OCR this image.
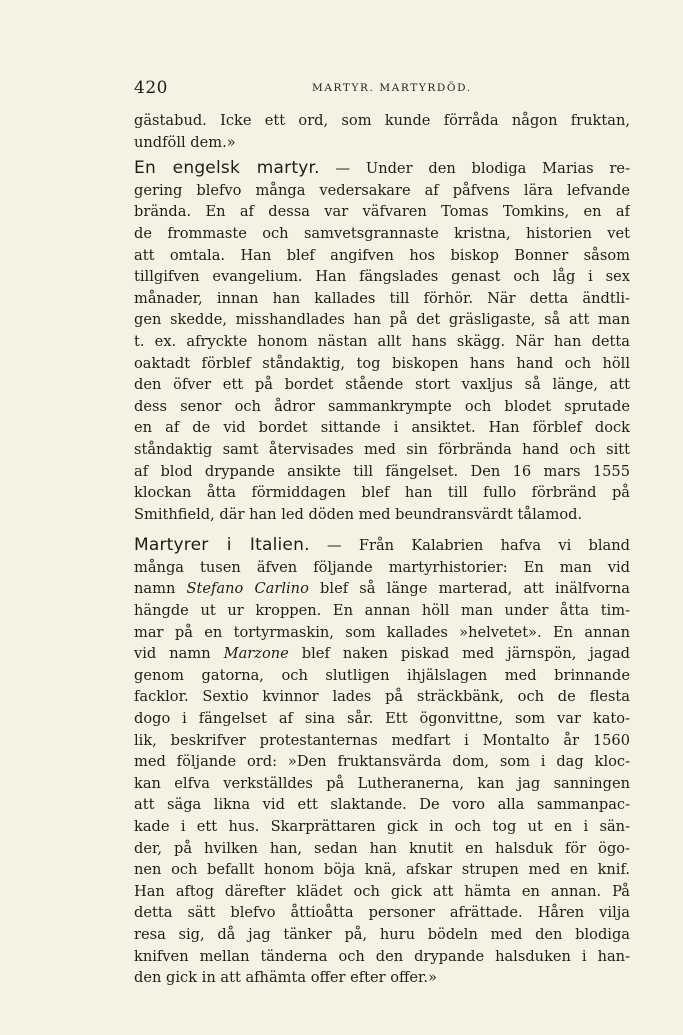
420	MARTYR. MARTYRDÖD.
gästabud. Icke ett ord, som kunde förråda någon fruktan,
undföll dem.»
En engelsk martyr. — Under den blodiga Marias re-
gering blefvo många vedersakare af påfvens lära lefvande
brända. En af dessa var väfvaren Tomas Tomkins, en af
de frommaste och samvetsgrannaste kristna, historien vet
att omtala. Han blef angifven hos biskop Bonner såsom
tillgifven evangelium. Han fängslades genast och låg i sex
månader, innan han kallades till förhör. När detta ändtli-
gen skedde, misshandlades han på det gräsligaste, så att man
t. ex. afryckte honom nästan allt hans skägg. När han detta
oaktadt förblef ståndaktig, tog biskopen hans hand och höll
den öfver ett på bordet stående stort vaxljus så länge, att
dess senor och ådror sammankrympte och blodet sprutade
en af de vid bordet sittande i ansiktet. Han förblef dock
ståndaktig samt återvisades med sin förbrända hand och sitt
af blod drypande ansikte till fängelset. Den 16 mars 1555
klockan åtta förmiddagen blef han till fullo förbränd på
Smithfield, där han led döden med beundransvärdt tålamod.
Martyrer i Italien. — Från Kalabrien hafva vi bland
många tusen äfven följande martyrhistorier: En man vid
namn Stefano Carlino blef så länge marterad, att inälfvorna
hängde ut ur kroppen. En annan höll man under åtta tim-
mar på en tortyrmaskin, som kallades »helvetet». En annan
vid namn Marzone blef naken piskad med järnspön, jagad
genom gatorna, och slutligen ihjälslagen med brinnande
facklor. Sextio kvinnor lades på sträckbänk, och de flesta
dogo i fängelset af sina sår. Ett ögonvittne, som var kato-
lik, beskrifver protestanternas medfart i Montalto år 1560
med följande ord: »Den fruktansvärda dom, som i dag kloc-
kan elfva verkställdes på Lutheranerna, kan jag sanningen
att säga likna vid ett slaktande. De voro alla sammanpac-
kade i ett hus. Skarprättaren gick in och tog ut en i sän-
der, på hvilken han, sedan han knutit en halsduk för ögo-
nen och befallt honom böja knä, afskar strupen med en knif.
Han aftog därefter klädet och gick att hämta en annan. På
detta sätt blefvo åttioåtta personer afrättade. Håren vilja
resa sig, då jag tänker på, huru bödeln med den blodiga
knifven mellan tänderna och den drypande halsduken i han-
den gick in att afhämta offer efter offer.»
